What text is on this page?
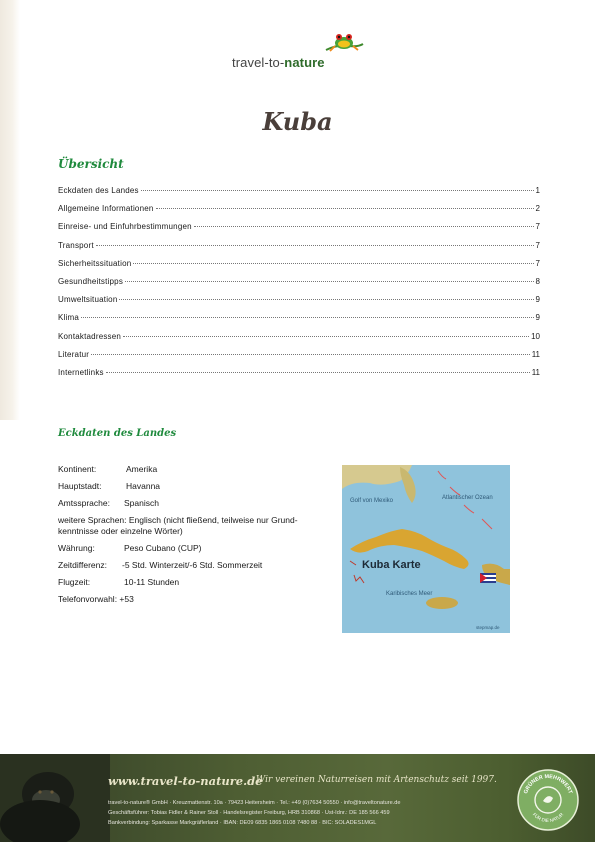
travel-to-nature
Kuba
Übersicht
Eckdaten des Landes	1
Allgemeine Informationen	2
Einreise- und Einfuhrbestimmungen	7
Transport	7
Sicherheitssituation	7
Gesundheitstipps	8
Umweltsituation	9
Klima	9
Kontaktadressen	10
Literatur	11
Internetlinks	11
Eckdaten des Landes
Kontinent:	Amerika
Hauptstadt:	Havanna
Amtssprache: Spanisch
weitere Sprachen: Englisch (nicht fließend, teilweise nur Grund-kenntnisse oder einzelne Wörter)
Währung:	Peso Cubano (CUP)
Zeitdifferenz: -5 Std. Winterzeit/-6 Std. Sommerzeit
Flugzeit:	10-11 Stunden
Telefonvorwahl: +53
Golf von Mexiko	Atlantischer Ozean
Karibisches Meer
Kuba Karte
stepmap.de
www.travel-to-nature.de
Wir vereinen Naturreisen mit Artenschutz seit 1997.
travel-to-nature® GmbH · Kreuzmattenstr. 10a · 79423 Heitersheim · Tel.: +49 (0)7634 50550 · info@traveltonature.de
Geschäftsführer: Tobias Fidler & Rainer Stoll · Handelsregister Freiburg, HRB 310868 · Ust-Idnr.: DE 185 566 459
Bankverbindung: Sparkasse Markgräflerland · IBAN: DE09 6835 1865 0108 7480 88 · BIC: SOLADES1MGL
GRÜNER MEHRWERT
FÜR DIE NATUR
